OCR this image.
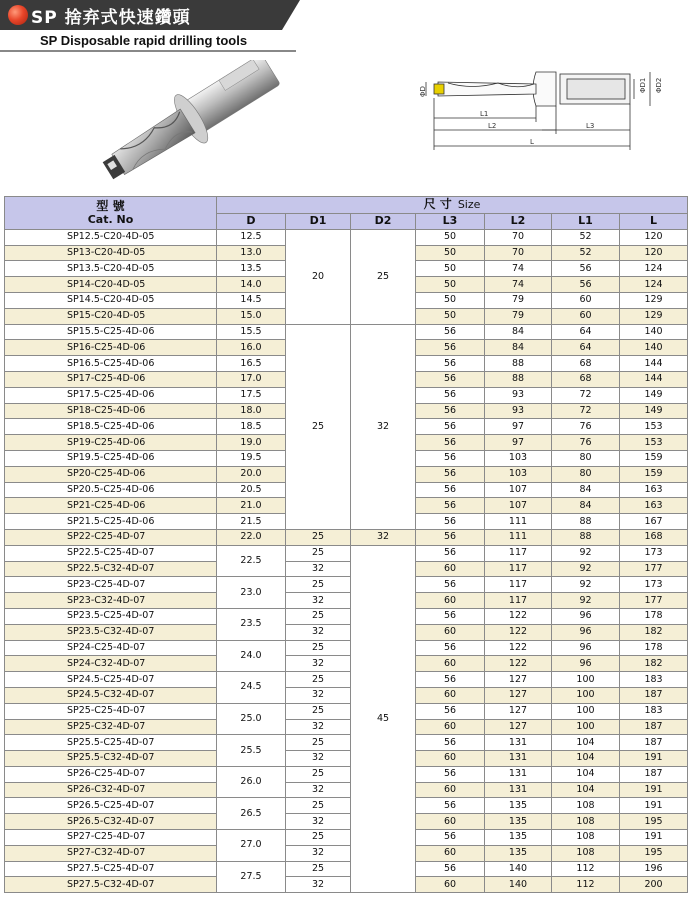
SP 捨弃式快速鑽頭
SP Disposable rapid drilling tools
ΦD	ΦD1 ΦD2
L1
L2	L3
L
型 號
Cat. No	尺 寸 Size						
	D	D1	D2	L3	L2	L1	L
SP12.5-C20-4D-05	12.5	20	25	50	70	52	120
SP13-C20-4D-05	13.0			50	70	52	120
SP13.5-C20-4D-05	13.5			50	74	56	124
SP14-C20-4D-05	14.0			50	74	56	124
SP14.5-C20-4D-05	14.5			50	79	60	129
SP15-C20-4D-05	15.0			50	79	60	129
SP15.5-C25-4D-06	15.5	25	32	56	84	64	140
SP16-C25-4D-06	16.0			56	84	64	140
SP16.5-C25-4D-06	16.5			56	88	68	144
SP17-C25-4D-06	17.0			56	88	68	144
SP17.5-C25-4D-06	17.5			56	93	72	149
SP18-C25-4D-06	18.0			56	93	72	149
SP18.5-C25-4D-06	18.5			56	97	76	153
SP19-C25-4D-06	19.0			56	97	76	153
SP19.5-C25-4D-06	19.5			56	103	80	159
SP20-C25-4D-06	20.0			56	103	80	159
SP20.5-C25-4D-06	20.5			56	107	84	163
SP21-C25-4D-06	21.0			56	107	84	163
SP21.5-C25-4D-06	21.5			56	111	88	167
SP22-C25-4D-07	22.0	25	32	56	111	88	168
SP22.5-C25-4D-07	22.5	25	45	56	117	92	173
SP22.5-C32-4D-07		32		60	117	92	177
SP23-C25-4D-07	23.0	25		56	117	92	173
SP23-C32-4D-07		32		60	117	92	177
SP23.5-C25-4D-07	23.5	25		56	122	96	178
SP23.5-C32-4D-07		32		60	122	96	182
SP24-C25-4D-07	24.0	25		56	122	96	178
SP24-C32-4D-07		32		60	122	96	182
SP24.5-C25-4D-07	24.5	25		56	127	100	183
SP24.5-C32-4D-07		32		60	127	100	187
SP25-C25-4D-07	25.0	25		56	127	100	183
SP25-C32-4D-07		32		60	127	100	187
SP25.5-C25-4D-07	25.5	25		56	131	104	187
SP25.5-C32-4D-07		32		60	131	104	191
SP26-C25-4D-07	26.0	25		56	131	104	187
SP26-C32-4D-07		32		60	131	104	191
SP26.5-C25-4D-07	26.5	25		56	135	108	191
SP26.5-C32-4D-07		32		60	135	108	195
SP27-C25-4D-07	27.0	25		56	135	108	191
SP27-C32-4D-07		32		60	135	108	195
SP27.5-C25-4D-07	27.5	25		56	140	112	196
SP27.5-C32-4D-07		32		60	140	112	200
